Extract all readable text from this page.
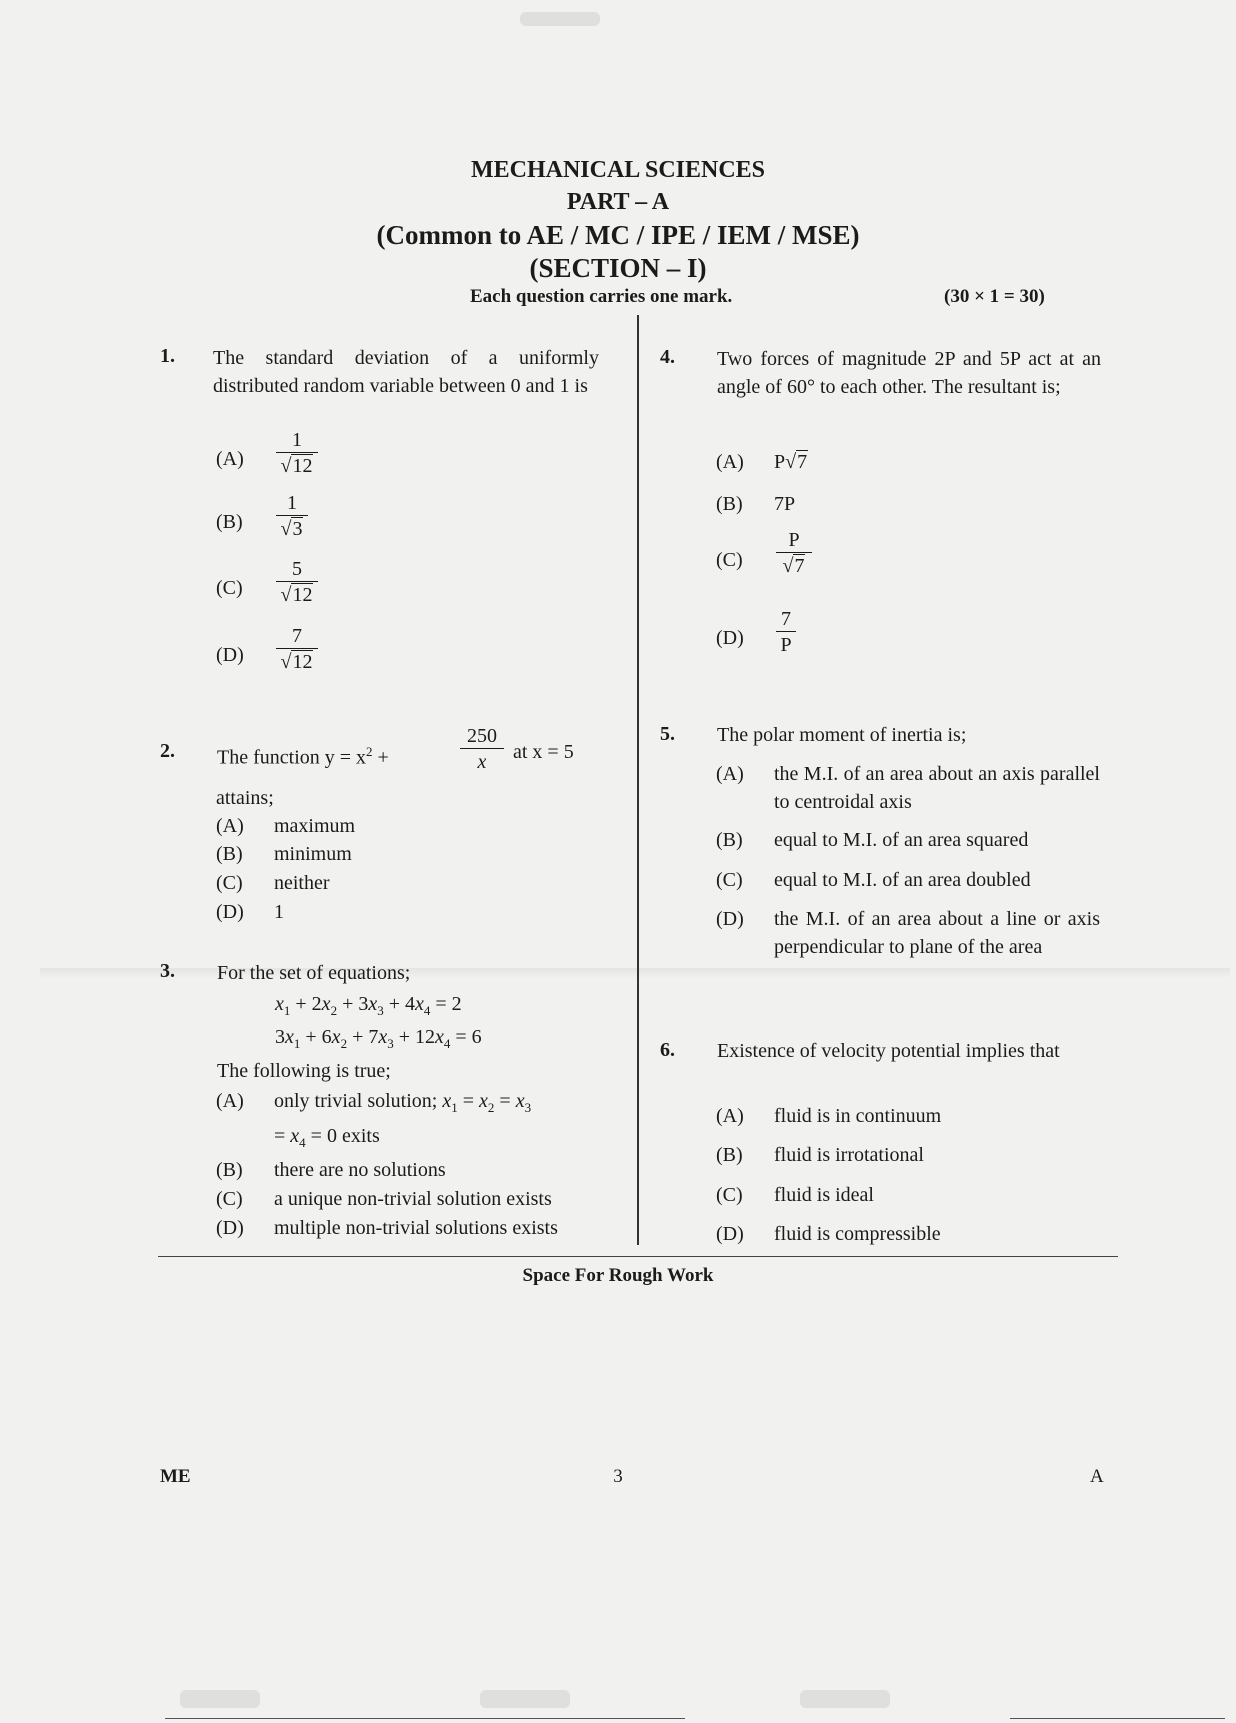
MECHANICAL SCIENCES
PART – A
(Common to AE / MC / IPE / IEM / MSE)
(SECTION – I)
Each question carries one mark.	(30 × 1 = 30)
1. The standard deviation of a uniformly distributed random variable between 0 and 1 is
(A)
1
√12
(B)
1
√3
(C)
5
√12
(D)
7
√12
2. The function $y = x^2$ +
250
x	at x = 5
attains;
(A) maximum
(B) minimum
(C) neither
(D) 1
3. For the set of equations;
$x_1 + 2x_2 + 3x_3 + 4x_4 = 2$
$3x_1 + 6x_2 + 7x_3 + 12x_4 = 6$
The following is true;
(A) only trivial solution; $x_1 = x_2 = x_3$
= $x_4 = 0$ exits
(B) there are no solutions
(C) a unique non-trivial solution exists
(D) multiple non-trivial solutions exists
4. Two forces of magnitude 2P and 5P act at an angle of 60° to each other. The resultant is;
(A) P√7
(B) 7P
(C)
P
√7
(D)
7
P
5. The polar moment of inertia is;
(A) the M.I. of an area about an axis parallel to centroidal axis
(B) equal to M.I. of an area squared
(C) equal to M.I. of an area doubled
(D) the M.I. of an area about a line or axis perpendicular to plane of the area
6. Existence of velocity potential implies that
(A) fluid is in continuum
(B) fluid is irrotational
(C) fluid is ideal
(D) fluid is compressible
Space For Rough Work
ME	3	A
